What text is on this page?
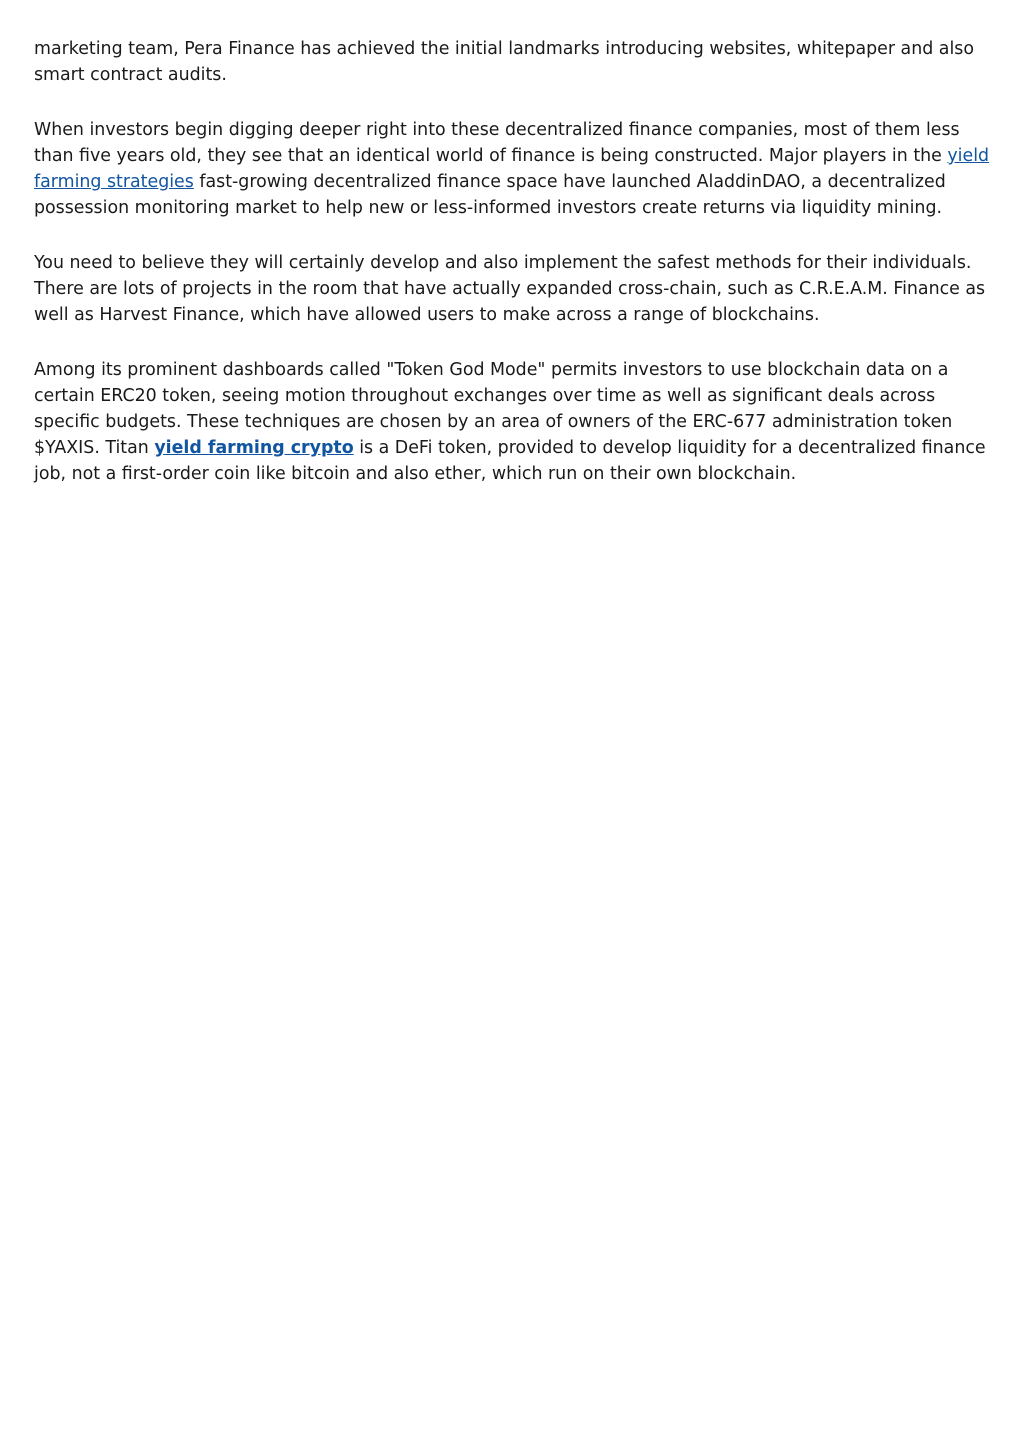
marketing team, Pera Finance has achieved the initial landmarks introducing websites, whitepaper and also smart contract audits.

When investors begin digging deeper right into these decentralized finance companies, most of them less than five years old, they see that an identical world of finance is being constructed. Major players in the yield farming strategies fast-growing decentralized finance space have launched AladdinDAO, a decentralized possession monitoring market to help new or less-informed investors create returns via liquidity mining.

You need to believe they will certainly develop and also implement the safest methods for their individuals. There are lots of projects in the room that have actually expanded cross-chain, such as C.R.E.A.M. Finance as well as Harvest Finance, which have allowed users to make across a range of blockchains.

Among its prominent dashboards called "Token God Mode" permits investors to use blockchain data on a certain ERC20 token, seeing motion throughout exchanges over time as well as significant deals across specific budgets. These techniques are chosen by an area of owners of the ERC-677 administration token $YAXIS. Titan yield farming crypto is a DeFi token, provided to develop liquidity for a decentralized finance job, not a first-order coin like bitcoin and also ether, which run on their own blockchain.
